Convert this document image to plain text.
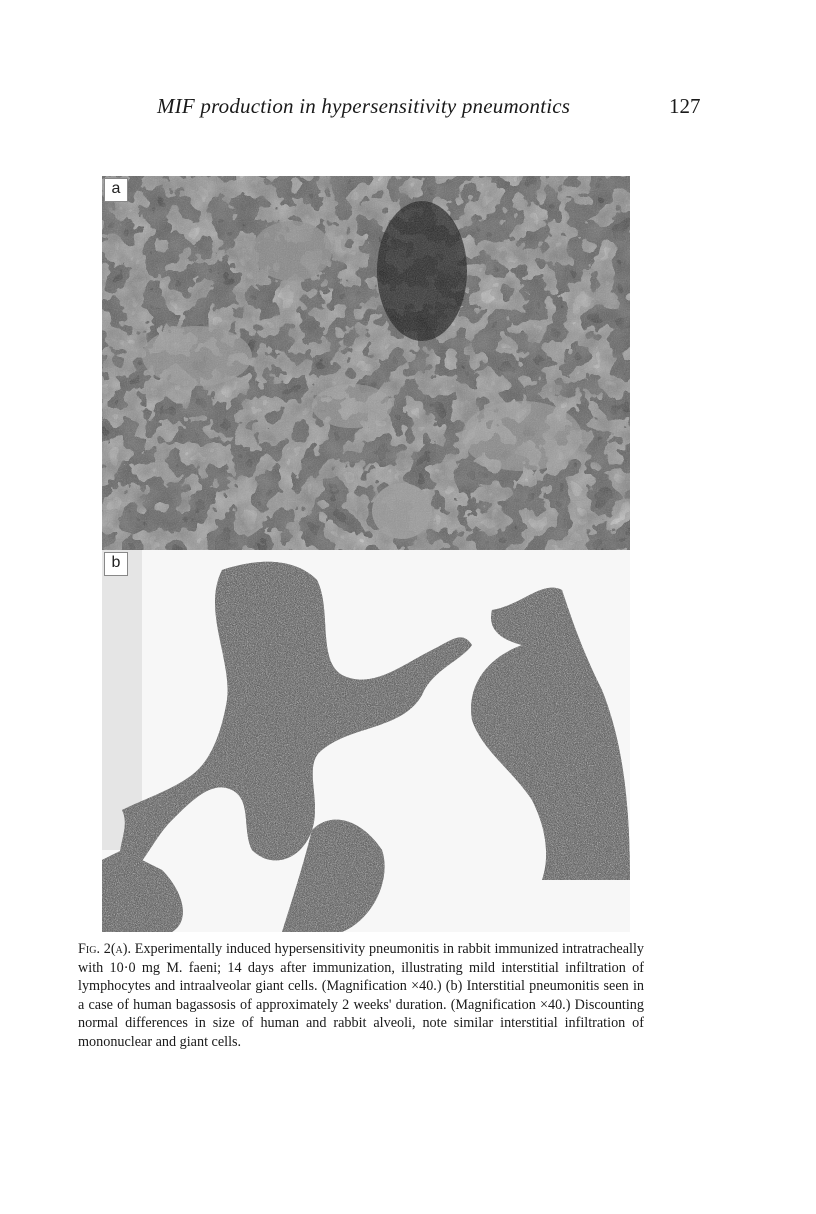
MIF production in hypersensitivity pneumontics	127
a
b
Fig. 2(a). Experimentally induced hypersensitivity pneumonitis in rabbit immunized intratracheally with 10·0 mg M. faeni; 14 days after immunization, illustrating mild interstitial infiltration of lymphocytes and intraalveolar giant cells. (Magnification ×40.) (b) Interstitial pneumonitis seen in a case of human bagassosis of approximately 2 weeks' duration. (Magnification ×40.) Discounting normal differences in size of human and rabbit alveoli, note similar interstitial infiltration of mononuclear and giant cells.
